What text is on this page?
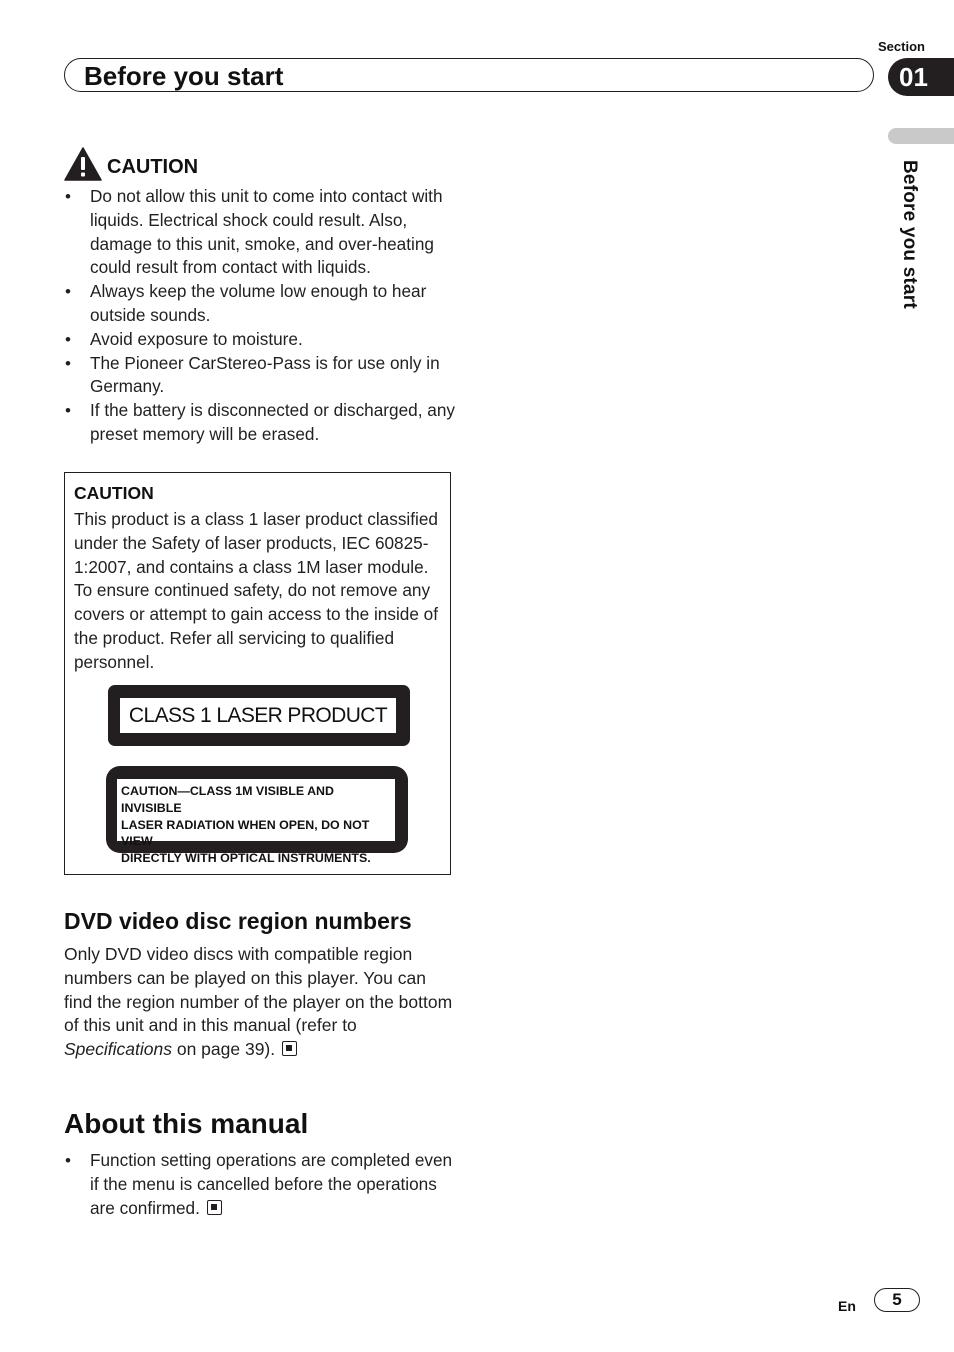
Before you start
Section
01
Before you start
CAUTION
• Do not allow this unit to come into contact with liquids. Electrical shock could result. Also, damage to this unit, smoke, and over-heating could result from contact with liquids.
• Always keep the volume low enough to hear outside sounds.
• Avoid exposure to moisture.
• The Pioneer CarStereo-Pass is for use only in Germany.
• If the battery is disconnected or discharged, any preset memory will be erased.
CAUTION
This product is a class 1 laser product classified under the Safety of laser products, IEC 60825-1:2007, and contains a class 1M laser module. To ensure continued safety, do not remove any covers or attempt to gain access to the inside of the product. Refer all servicing to qualified personnel.
CLASS 1 LASER PRODUCT
CAUTION—CLASS 1M VISIBLE AND INVISIBLE
LASER RADIATION WHEN OPEN, DO NOT VIEW
DIRECTLY WITH OPTICAL INSTRUMENTS.
DVD video disc region numbers
Only DVD video discs with compatible region numbers can be played on this player. You can find the region number of the player on the bottom of this unit and in this manual (refer to Specifications on page 39).
About this manual
• Function setting operations are completed even if the menu is cancelled before the operations are confirmed.
En	5
